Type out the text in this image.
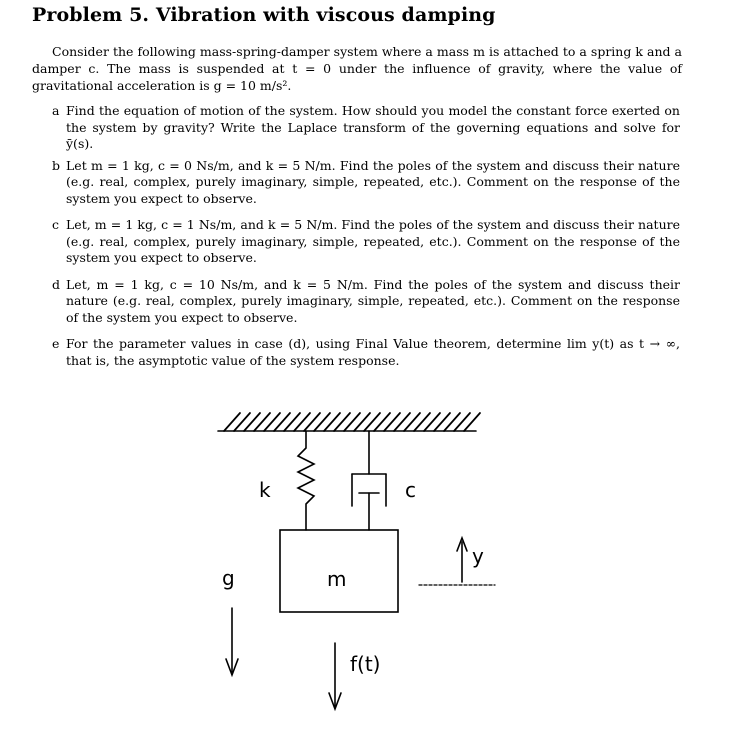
Problem 5. Vibration with viscous damping
Consider the following mass-spring-damper system where a mass m is attached to a spring k and a damper c. The mass is suspended at t = 0 under the influence of gravity, where the value of gravitational acceleration is g = 10 m/s².
a Find the equation of motion of the system. How should you model the constant force exerted on the system by gravity? Write the Laplace transform of the governing equations and solve for ȳ(s).
b Let m = 1 kg, c = 0 Ns/m, and k = 5 N/m. Find the poles of the system and discuss their nature (e.g. real, complex, purely imaginary, simple, repeated, etc.). Comment on the response of the system you expect to observe.
c Let, m = 1 kg, c = 1 Ns/m, and k = 5 N/m. Find the poles of the system and discuss their nature (e.g. real, complex, purely imaginary, simple, repeated, etc.). Comment on the response of the system you expect to observe.
d Let, m = 1 kg, c = 10 Ns/m, and k = 5 N/m. Find the poles of the system and discuss their nature (e.g. real, complex, purely imaginary, simple, repeated, etc.). Comment on the response of the system you expect to observe.
e For the parameter values in case (d), using Final Value theorem, determine lim y(t) as t → ∞, that is, the asymptotic value of the system response.
k	c
m
g
y
f(t)
